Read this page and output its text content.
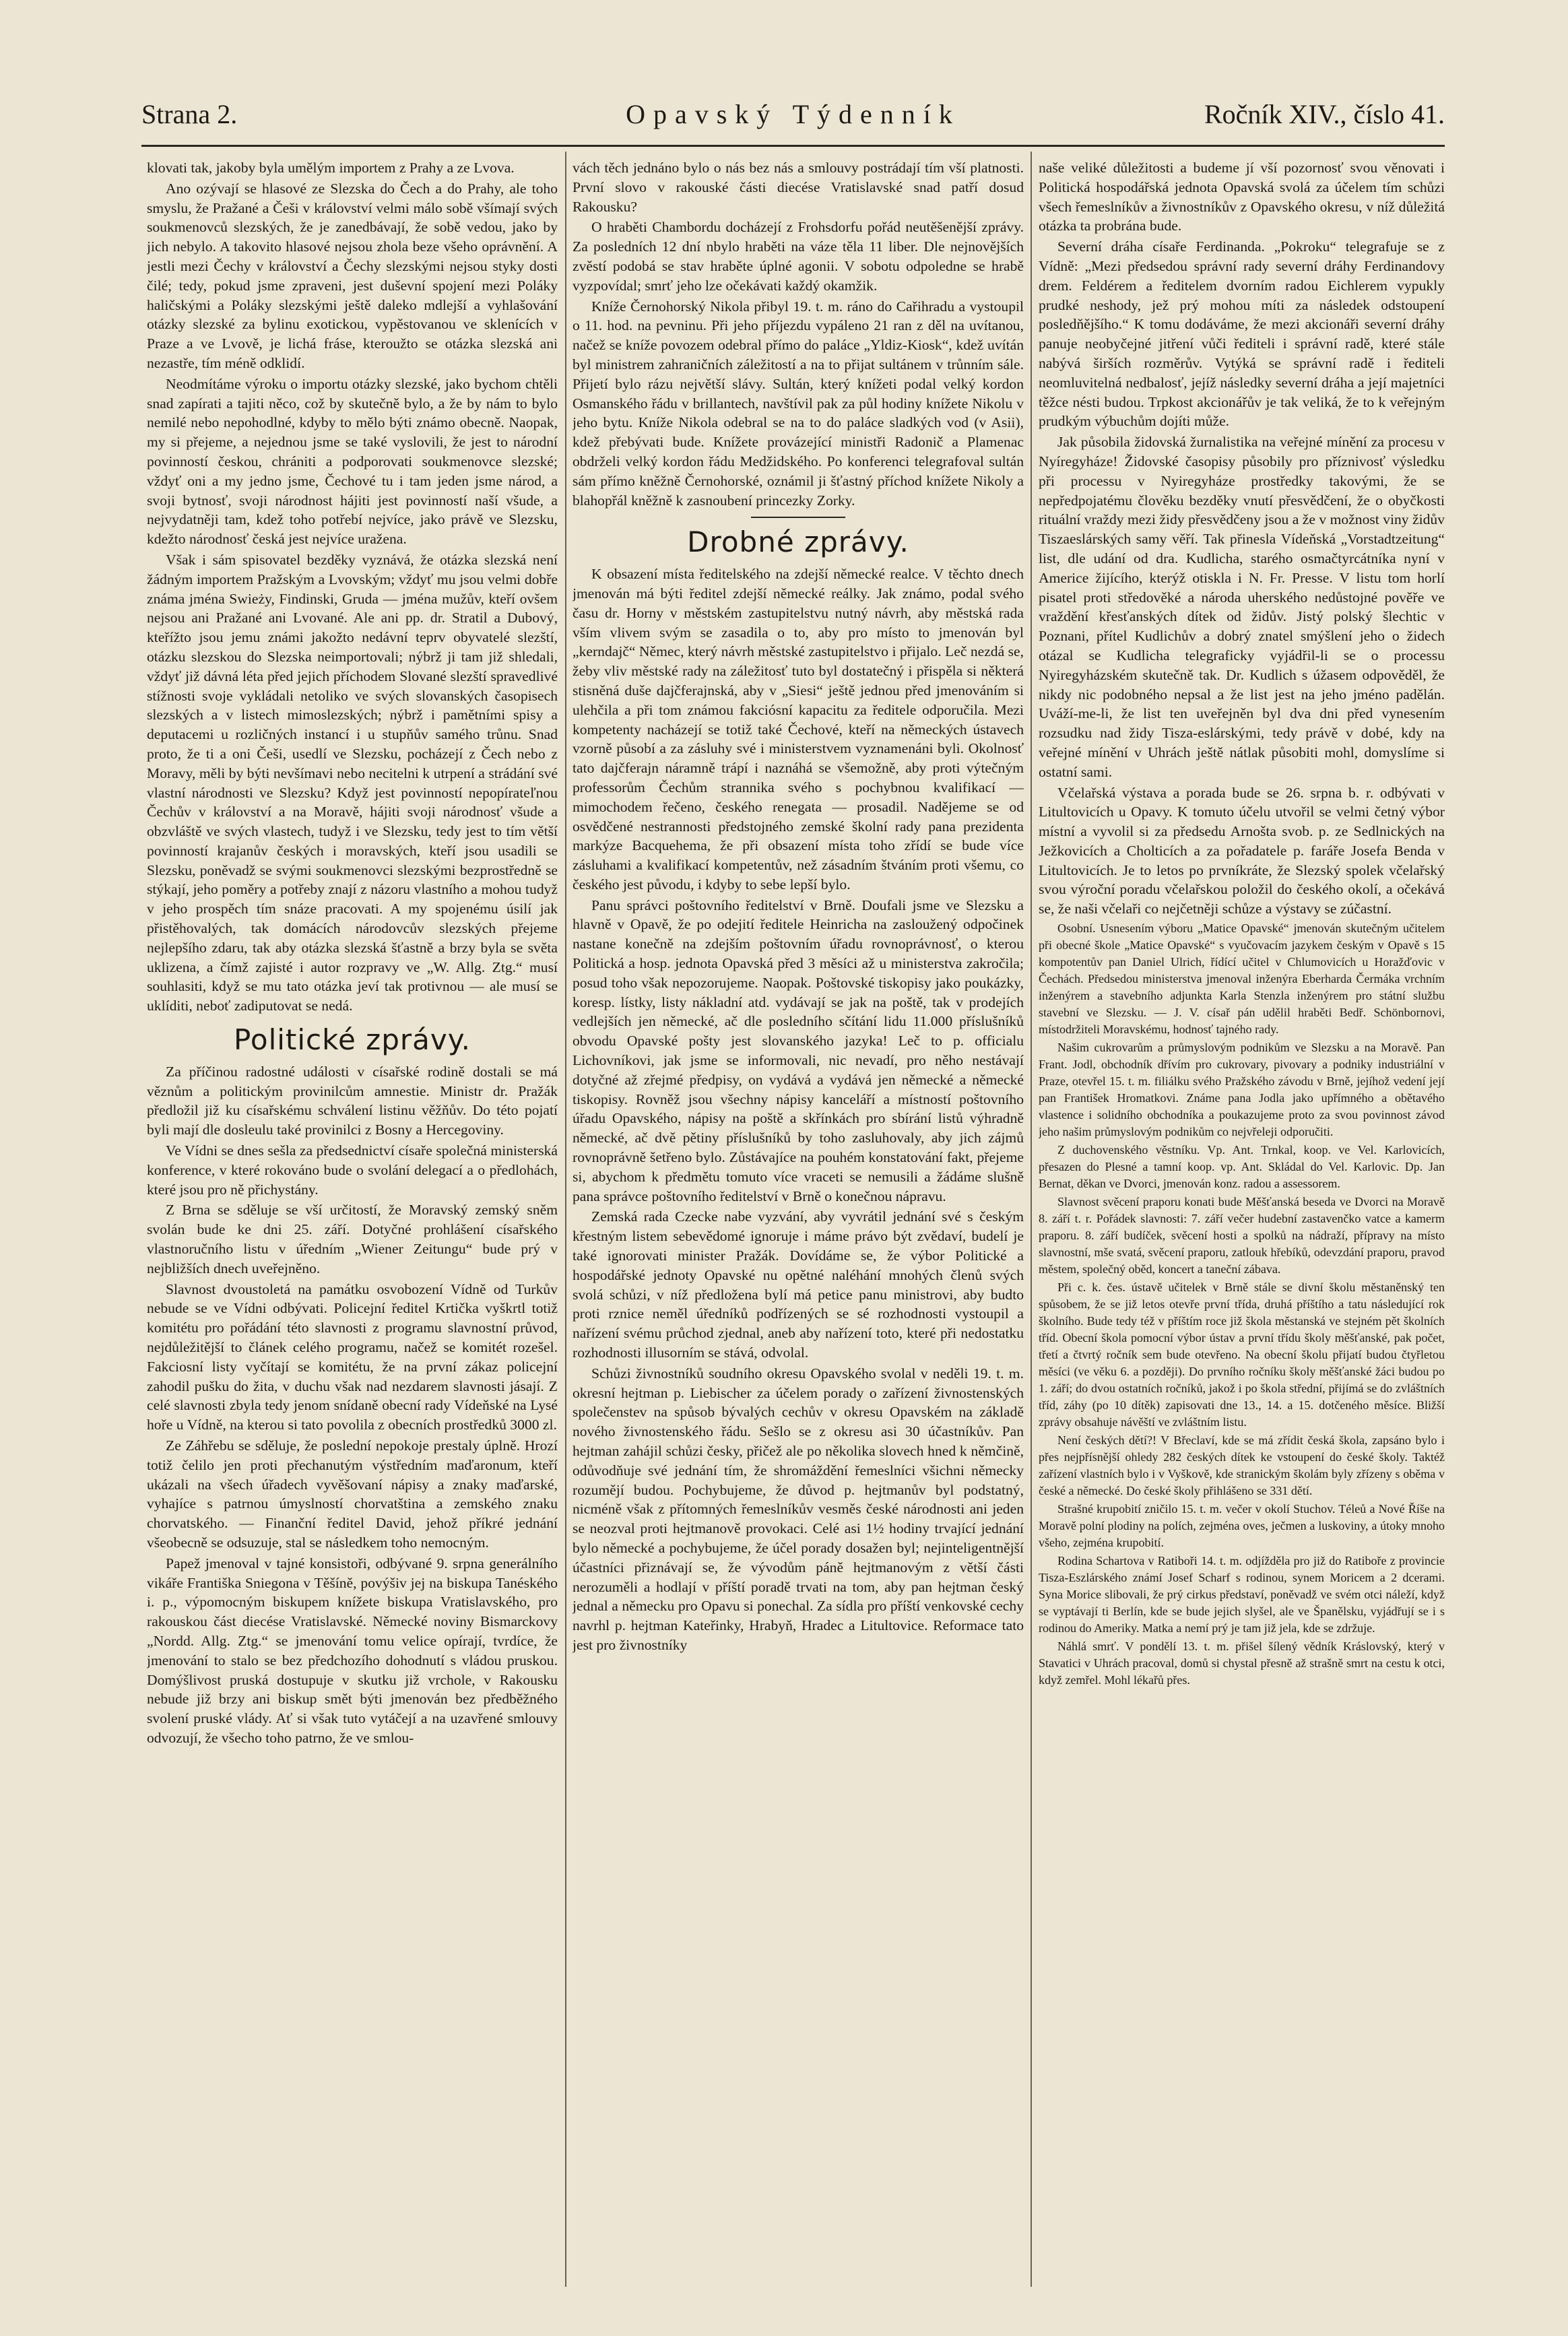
Strana 2.	Opavský Týdenník	Ročník XIV., číslo 41.

klovati tak, jakoby byla umělým importem z Prahy a ze Lvova.

Ano ozývají se hlasové ze Slezska do Čech a do Prahy, ale toho smyslu, že Pražané a Češi v království velmi málo sobě všímají svých soukmenovců slezských, že je zanedbávají, že sobě vedou, jako by jich nebylo. A takovito hlasové nejsou zhola beze všeho oprávnění. A jestli mezi Čechy v království a Čechy slezskými nejsou styky dosti čilé; tedy, pokud jsme zpraveni, jest duševní spojení mezi Poláky haličskými a Poláky slezskými ještě daleko mdlejší a vyhlašování otázky slezské za bylinu exotickou, vypěstovanou ve sklenících v Praze a ve Lvově, je lichá fráse, kteroužto se otázka slezská ani nezastře, tím méně odklidí.

Neodmítáme výroku o importu otázky slezské, jako bychom chtěli snad zapírati a tajiti něco, což by skutečně bylo, a že by nám to bylo nemilé nebo nepohodlné, kdyby to mělo býti známo obecně. Naopak, my si přejeme, a nejednou jsme se také vyslovili, že jest to národní povinností českou, chrániti a podporovati soukmenovce slezské; vždyť oni a my jedno jsme, Čechové tu i tam jeden jsme národ, a svoji bytnosť, svoji národnost hájiti jest povinností naší všude, a nejvydatněji tam, kdež toho potřebí nejvíce, jako právě ve Slezsku, kdežto národnosť česká jest nejvíce uražena.

Však i sám spisovatel bezděky vyznává, že otázka slezská není žádným importem Pražským a Lvovským; vždyť mu jsou velmi dobře známa jména Swieży, Findinski, Gruda — jména mužův, kteří ovšem nejsou ani Pražané ani Lvované. Ale ani pp. dr. Stratil a Dubový, kteřížto jsou jemu známi jakožto nedávní teprv obyvatelé slezští, otázku slezskou do Slezska neimportovali; nýbrž ji tam již shledali, vždyť již dávná léta před jejich příchodem Slované slezští spravedlivé stížnosti svoje vykládali netoliko ve svých slovanských časopisech slezských a v listech mimoslezských; nýbrž i pamětními spisy a deputacemi u rozličných instancí i u stupňův samého trůnu. Snad proto, že ti a oni Češi, usedlí ve Slezsku, pocházejí z Čech nebo z Moravy, měli by býti nevšímavi nebo necitelni k utrpení a strádání své vlastní národnosti ve Slezsku? Když jest povinností nepopírateľnou Čechův v království a na Moravě, hájiti svoji národnosť všude a obzvláště ve svých vlastech, tudyž i ve Slezsku, tedy jest to tím větší povinností krajanův českých i moravských, kteří jsou usadili se Slezsku, poněvadž se svými soukmenovci slezskými bezprostředně se stýkají, jeho poměry a potřeby znají z názoru vlastního a mohou tudyž v jeho prospěch tím snáze pracovati. A my spojenému úsilí jak přistěhovalých, tak domácích národovcův slezských přejeme nejlepšího zdaru, tak aby otázka slezská šťastně a brzy byla se světa uklizena, a čímž zajisté i autor rozpravy ve „W. Allg. Ztg.“ musí souhlasiti, když se mu tato otázka jeví tak protivnou — ale musí se uklíditi, neboť zadiputovat se nedá.

Politické zprávy.

Za příčinou radostné události v císařské rodině dostali se má věznům a politickým provinilcům amnestie. Ministr dr. Pražák předložil již ku císařskému schválení listinu věžňův. Do této pojatí byli mají dle dosleulu také provinilci z Bosny a Hercegoviny.

Ve Vídni se dnes sešla za předsednictví císaře společná ministerská konference, v které rokováno bude o svolání delegací a o předlohách, které jsou pro ně přichystány.

Z Brna se sděluje se vší určitostí, že Moravský zemský sněm svolán bude ke dni 25. září. Dotyčné prohlášení císařského vlastnoručního listu v úředním „Wiener Zeitungu“ bude prý v nejbližších dnech uveřejněno.

Slavnost dvoustoletá na památku osvobození Vídně od Turkův nebude se ve Vídni odbývati. Policejní ředitel Krtička vyškrtl totiž komitétu pro pořádání této slavnosti z programu slavnostní průvod, nejdůležitější to článek celého programu, načež se komitét rozešel. Fakciosní listy vyčítají se komitétu, že na první zákaz policejní zahodil pušku do žita, v duchu však nad nezdarem slavnosti jásají. Z celé slavnosti zbyla tedy jenom snídaně obecní rady Vídeňské na Lysé hoře u Vídně, na kterou si tato povolila z obecních prostředků 3000 zl.

Ze Záhřebu se sděluje, že poslední nepokoje prestaly úplně. Hrozí totiž čelilo jen proti přechanutým výstředním maďaronum, kteří ukázali na všech úřadech vyvěšovaní nápisy a znaky maďarské, vyhajíce s patrnou úmyslností chorvatština a zemského znaku chorvatského. — Finanční ředitel David, jehož příkré jednání všeobecně se odsuzuje, stal se následkem toho nemocným.

Papež jmenoval v tajné konsistoři, odbývané 9. srpna generálního vikáře Františka Sniegona v Těšíně, povýšiv jej na biskupa Tanéského i. p., výpomocným biskupem knížete biskupa Vratislavského, pro rakouskou část diecése Vratislavské. Německé noviny Bismarckovy „Nordd. Allg. Ztg.“ se jmenování tomu velice opírají, tvrdíce, že jmenování to stalo se bez předchozího dohodnutí s vládou pruskou. Domýšlivost pruská dostupuje v skutku již vrchole, v Rakousku nebude již brzy ani biskup smět býti jmenován bez předběžného svolení pruské vlády. Ať si však tuto vytáčejí a na uzavřené smlouvy odvozují, že všecho toho patrno, že ve smlou-

vách těch jednáno bylo o nás bez nás a smlouvy postrádají tím vší platnosti. První slovo v rakouské části diecése Vratislavské snad patří dosud Rakousku?

O hraběti Chambordu docházejí z Frohsdorfu pořád neutěšenější zprávy. Za posledních 12 dní nbylo hraběti na váze těla 11 liber. Dle nejnovějších zvěstí podobá se stav hraběte úplné agonii. V sobotu odpoledne se hrabě vyzpovídal; smrť jeho lze očekávati každý okamžik.

Kníže Černohorský Nikola přibyl 19. t. m. ráno do Cařihradu a vystoupil o 11. hod. na pevninu. Při jeho příjezdu vypáleno 21 ran z děl na uvítanou, načež se kníže povozem odebral přímo do paláce „Yldiz-Kiosk“, kdež uvítán byl ministrem zahraničních záležitostí a na to přijat sultánem v trůnním sále. Přijetí bylo rázu největší slávy. Sultán, který knížeti podal velký kordon Osmanského řádu v brillantech, navštívil pak za půl hodiny knížete Nikolu v jeho bytu. Kníže Nikola odebral se na to do paláce sladkých vod (v Asii), kdež přebývati bude. Knížete provázející ministři Radonič a Plamenac obdrželi velký kordon řádu Medžidského. Po konferenci telegrafoval sultán sám přímo kněžně Černohorské, oznámil ji šťastný příchod knížete Nikoly a blahopřál kněžně k zasnoubení princezky Zorky.

Drobné zprávy.

K obsazení místa ředitelského na zdejší německé realce. V těchto dnech jmenován má býti ředitel zdejší německé reálky. Jak známo, podal svého času dr. Horny v městském zastupitelstvu nutný návrh, aby městská rada vším vlivem svým se zasadila o to, aby pro místo to jmenován byl „kerndajč“ Němec, který návrh městské zastupitelstvo i přijalo. Leč nezdá se, žeby vliv městské rady na záležitosť tuto byl dostatečný i přispěla si některá stisněná duše dajčferajnská, aby v „Siesi“ ještě jednou před jmenováním si ulehčila a při tom známou fakciósní kapacitu za ředitele odporučila. Mezi kompetenty nacházejí se totiž také Čechové, kteří na německých ústavech vzorně působí a za zásluhy své i ministerstvem vyznamenáni byli. Okolnosť tato dajčferajn náramně trápí i naznáhá se všemožně, aby proti výtečným professorům Čechům strannika svého s pochybnou kvalifikací — mimochodem řečeno, českého renegata — prosadil. Nadějeme se od osvědčené nestrannosti předstojného zemské školní rady pana prezidenta markýze Bacquehema, že při obsazení místa toho zřídí se bude více zásluhami a kvalifikací kompetentův, než zásadním štváním proti všemu, co českého jest původu, i kdyby to sebe lepší bylo.

Panu správci poštovního ředitelství v Brně. Doufali jsme ve Slezsku a hlavně v Opavě, že po odejití ředitele Heinricha na zasloužený odpočinek nastane konečně na zdejším poštovním úřadu rovnoprávnosť, o kterou Politická a hosp. jednota Opavská před 3 měsíci až u ministerstva zakročila; posud toho však nepozorujeme. Naopak. Poštovské tiskopisy jako poukázky, koresp. lístky, listy nákladní atd. vydávají se jak na poště, tak v prodejích vedlejších jen německé, ač dle posledního sčítání lidu 11.000 příslušníků obvodu Opavské pošty jest slovanského jazyka! Leč to p. officialu Lichovníkovi, jak jsme se informovali, nic nevadí, pro něho nestávají dotyčné až zřejmé předpisy, on vydává a vydává jen německé a německé tiskopisy. Rovněž jsou všechny nápisy kanceláří a místností poštovního úřadu Opavského, nápisy na poště a skřínkách pro sbírání listů výhradně německé, ač dvě pětiny příslušníků by toho zasluhovaly, aby jich zájmů rovnoprávně šetřeno bylo. Zůstávajíce na pouhém konstatování fakt, přejeme si, abychom k předmětu tomuto více vraceti se nemusili a žádáme slušně pana správce poštovního ředitelství v Brně o konečnou nápravu.

Zemská rada Czecke nabe vyzvání, aby vyvrátil jednání své s českým křestným listem sebevědomé ignoruje i máme právo být zvědaví, budelí je také ignorovati minister Pražák. Dovídáme se, že výbor Politické a hospodářské jednoty Opavské nu opětné naléhání mnohých členů svých svolá schůzi, v níž předložena bylí má petice panu ministrovi, aby budto proti rznice neměl úředníků podřízených se sé rozhodnosti vystoupil a nařízení svému průchod zjednal, aneb aby nařízení toto, které při nedostatku rozhodnosti illusorním se stává, odvolal.

Schůzi živnostníků soudního okresu Opavského svolal v neděli 19. t. m. okresní hejtman p. Liebischer za účelem porady o zařízení živnostenských společenstev na spůsob bývalých cechův v okresu Opavském na základě nového živnostenského řádu. Sešlo se z okresu asi 30 účastníkův. Pan hejtman zahájil schůzi česky, přičež ale po několika slovech hned k němčině, odůvodňuje své jednání tím, že shromáždění řemeslníci všichni německy rozumějí budou. Pochybujeme, že důvod p. hejtmanův byl podstatný, nicméně však z přítomných řemeslníkův vesměs české národnosti ani jeden se neozval proti hejtmanově provokaci. Celé asi 1½ hodiny trvající jednání bylo německé a pochybujeme, že účel porady dosažen byl; nejinteligentnější účastníci přiznávají se, že vývodům páně hejtmanovým z větší části nerozuměli a hodlají v příští poradě trvati na tom, aby pan hejtman český jednal a německu pro Opavu si ponechal. Za sídla pro příští venkovské cechy navrhl p. hejtman Kateřinky, Hrabyň, Hradec a Litultovice. Reformace tato jest pro živnostníky

naše veliké důležitosti a budeme jí vší pozornosť svou věnovati i Politická hospodářská jednota Opavská svolá za účelem tím schůzi všech řemeslníkův a živnostníkův z Opavského okresu, v níž důležitá otázka ta probrána bude.

Severní dráha císaře Ferdinanda. „Pokroku“ telegrafuje se z Vídně: „Mezi předsedou správní rady severní dráhy Ferdinandovy drem. Feldérem a ředitelem dvorním radou Eichlerem vypukly prudké neshody, jež prý mohou míti za následek odstoupení posledňějšího.“ K tomu dodáváme, že mezi akcionáři severní dráhy panuje neobyčejné jitření vůči řediteli i správní radě, které stále nabývá širších rozměrův. Vytýká se správní radě i řediteli neomluvitelná nedbalosť, jejíž následky severní dráha a její majetníci těžce nésti budou. Trpkost akcionářův je tak veliká, že to k veřejným prudkým výbuchům dojíti může.

Jak působila židovská žurnalistika na veřejné mínění za procesu v Nyíregyháze! Židovské časopisy působily pro příznivosť výsledku při processu v Nyiregyháze prostředky takovými, že se nepředpojatému člověku bezděky vnutí přesvědčení, že o obyčkosti rituální vraždy mezi židy přesvědčeny jsou a že v možnost viny židův Tiszaeslárských samy věří. Tak přinesla Vídeňská „Vorstadtzeitung“ list, dle udání od dra. Kudlicha, starého osmačtyrcátníka nyní v Americe žijícího, kterýž otiskla i N. Fr. Presse. V listu tom horlí pisatel proti středověké a národa uherského nedůstojné pověře ve vraždění křesťanských dítek od židův. Jistý polský šlechtic v Poznani, přítel Kudlichův a dobrý znatel smýšlení jeho o židech otázal se Kudlicha telegraficky vyjádřil-li se o processu Nyiregyházském skutečně tak. Dr. Kudlich s úžasem odpověděl, že nikdy nic podobného nepsal a že list jest na jeho jméno padělán. Uváží-me-li, že list ten uveřejněn byl dva dni před vynesením rozsudku nad židy Tisza-eslárskými, tedy právě v dobé, kdy na veřejné mínění v Uhrách ještě nátlak působiti mohl, domyslíme si ostatní sami.

Včelařská výstava a porada bude se 26. srpna b. r. odbývati v Litultovicích u Opavy. K tomuto účelu utvořil se velmi četný výbor místní a vyvolil si za předsedu Arnošta svob. p. ze Sedlnických na Ježkovicích a Cholticích a za pořadatele p. faráře Josefa Benda v Litultovicích. Je to letos po prvníkráte, že Slezský spolek včelařský svou výroční poradu včelařskou položil do českého okolí, a očekává se, že naši včelaři co nejčetněji schůze a výstavy se zúčastní.

Osobní. Usnesením výboru „Matice Opavské“ jmenován skutečným učitelem při obecné škole „Matice Opavské“ s vyučovacím jazykem českým v Opavě s 15 kompotentův pan Daniel Ulrich, řídící učitel v Chlumovicích u Horažďovic v Čechách. Předsedou ministerstva jmenoval inženýra Eberharda Čermáka vrchním inženýrem a stavebního adjunkta Karla Stenzla inženýrem pro státní službu stavební ve Slezsku. — J. V. císař pán udělil hraběti Bedř. Schönbornovi, místodržiteli Moravskému, hodnosť tajného rady.

Našim cukrovarům a průmyslovým podnikům ve Slezsku a na Moravě. Pan Frant. Jodl, obchodník dřívím pro cukrovary, pivovary a podniky industriální v Praze, otevřel 15. t. m. filiálku svého Pražského závodu v Brně, jejíhož vedení její pan František Hromatkovi. Známe pana Jodla jako upřímného a obětavého vlastence i solidního obchodníka a poukazujeme proto za svou povinnost závod jeho našim průmyslovým podnikům co nejvřeleji odporučiti.

Z duchovenského věstníku. Vp. Ant. Trnkal, koop. ve Vel. Karlovicích, přesazen do Plesné a tamní koop. vp. Ant. Skládal do Vel. Karlovic. Dp. Jan Bernat, děkan ve Dvorci, jmenován konz. radou a assessorem.

Slavnost svěcení praporu konati bude Měšťanská beseda ve Dvorci na Moravě 8. září t. r. Pořádek slavnosti: 7. září večer hudební zastavenčko vatce a kamerm praporu. 8. září budíček, svěcení hosti a spolků na nádraží, přípravy na místo slavnostní, mše svatá, svěcení praporu, zatlouk hřebíků, odevzdání praporu, pravod městem, společný oběd, koncert a taneční zábava.

Při c. k. čes. ústavě učitelek v Brně stále se divní školu městaněnský ten spůsobem, že se již letos otevře první třída, druhá příštího a tatu následující rok školního. Bude tedy též v příštím roce již škola městanská ve stejném pět školních tříd. Obecní škola pomocní výbor ústav a první třídu školy měšťanské, pak počet, třetí a čtvrtý ročník sem bude otevřeno. Na obecní školu přijatí budou čtyřletou měsíci (ve věku 6. a později). Do prvního ročníku školy měšťanské žáci budou po 1. září; do dvou ostatních ročníků, jakož i po škola střední, přijímá se do zvláštních tříd, záhy (po 10 dítěk) zapisovati dne 13., 14. a 15. dotčeného měsíce. Bližší zprávy obsahuje návěští ve zvláštním listu.

Není českých dětí?! V Břeclaví, kde se má zřídit česká škola, zapsáno bylo i přes nejpřísnější ohledy 282 českých dítek ke vstoupení do české školy. Taktéž zařízení vlastních bylo i v Vyškově, kde stranickým školám byly zřízeny s oběma v české a německé. Do české školy přihlášeno se 331 dětí.

Strašné krupobití zničilo 15. t. m. večer v okolí Stuchov. Téleů a Nové Říše na Moravě polní plodiny na polích, zejména oves, ječmen a luskoviny, a útoky mnoho všeho, zejména krupobití.

Rodina Schartova v Ratiboři 14. t. m. odjížděla pro již do Ratiboře z provincie Tisza-Eszlárského známí Josef Scharf s rodinou, synem Moricem a 2 dcerami. Syna Morice slibovali, že prý cirkus představí, poněvadž ve svém otci náleží, když se vyptávají ti Berlín, kde se bude jejich slyšel, ale ve Španělsku, vyjádřují se i s rodinou do Ameriky. Matka a nemí prý je tam již jela, kde se zdržuje.

Náhlá smrť. V pondělí 13. t. m. přišel šílený vědník Kráslovský, který v Stavatici v Uhrách pracoval, domů si chystal přesně až strašně smrt na cestu k otci, když zemřel. Mohl lékařů přes.
